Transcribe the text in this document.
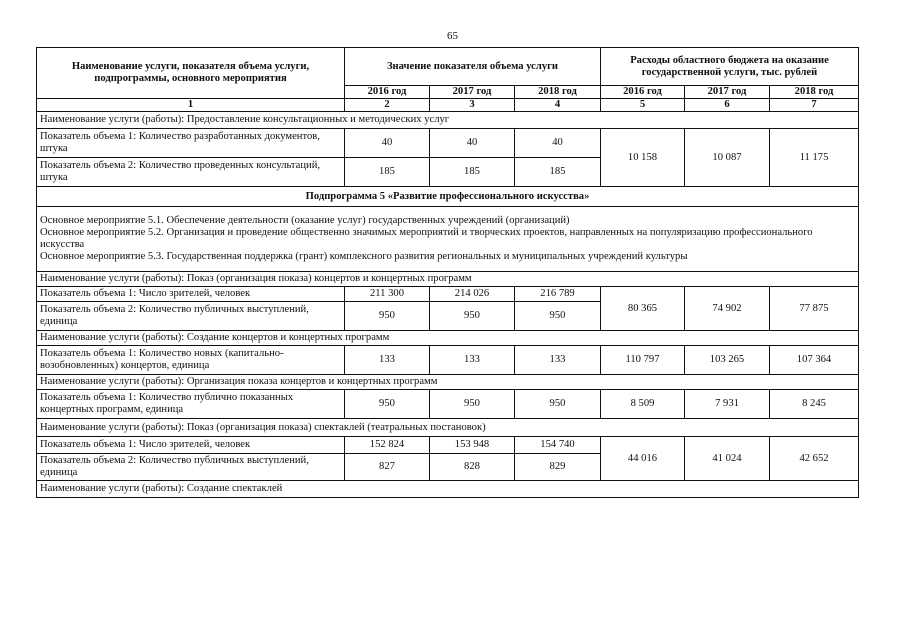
65
Наименование услуги, показателя объема услуги, подпрограммы, основного мероприятия	Значение показателя объема услуги			Расходы областного бюджета на оказание государственной услуги, тыс. рублей		
	2016 год	2017 год	2018 год	2016 год	2017 год	2018 год
1	2	3	4	5	6	7
Наименование услуги (работы): Предоставление консультационных и методических услуг						
Показатель объема 1: Количество разработанных документов, штука	40	40	40	10 158	10 087	11 175
Показатель объема 2: Количество проведенных консультаций, штука	185	185	185			
Подпрограмма 5 «Развитие профессионального искусства»						

Основное мероприятие 5.1. Обеспечение деятельности (оказание услуг) государственных учреждений (организаций)
Основное мероприятие 5.2. Организация и проведение общественно значимых мероприятий и творческих проектов, направленных на популяризацию профессионального искусства
Основное мероприятие 5.3. Государственная поддержка (грант) комплексного развития региональных и муниципальных учреждений культуры						

Наименование услуги (работы): Показ (организация показа) концертов и концертных программ						
Показатель объема 1: Число зрителей, человек	211 300	214 026	216 789	80 365	74 902	77 875
Показатель объема 2: Количество публичных выступлений, единица	950	950	950			
Наименование услуги (работы): Создание концертов и концертных программ						
Показатель объема 1: Количество новых (капитально-возобновленных) концертов, единица	133	133	133	110 797	103 265	107 364
Наименование услуги (работы): Организация показа концертов и концертных программ						
Показатель объема 1: Количество публично показанных концертных программ, единица	950	950	950	8 509	7 931	8 245
Наименование услуги (работы): Показ (организация показа) спектаклей (театральных постановок)						
Показатель объема 1: Число зрителей, человек	152 824	153 948	154 740	44 016	41 024	42 652
Показатель объема 2: Количество публичных выступлений, единица	827	828	829			
Наименование услуги (работы): Создание спектаклей						
